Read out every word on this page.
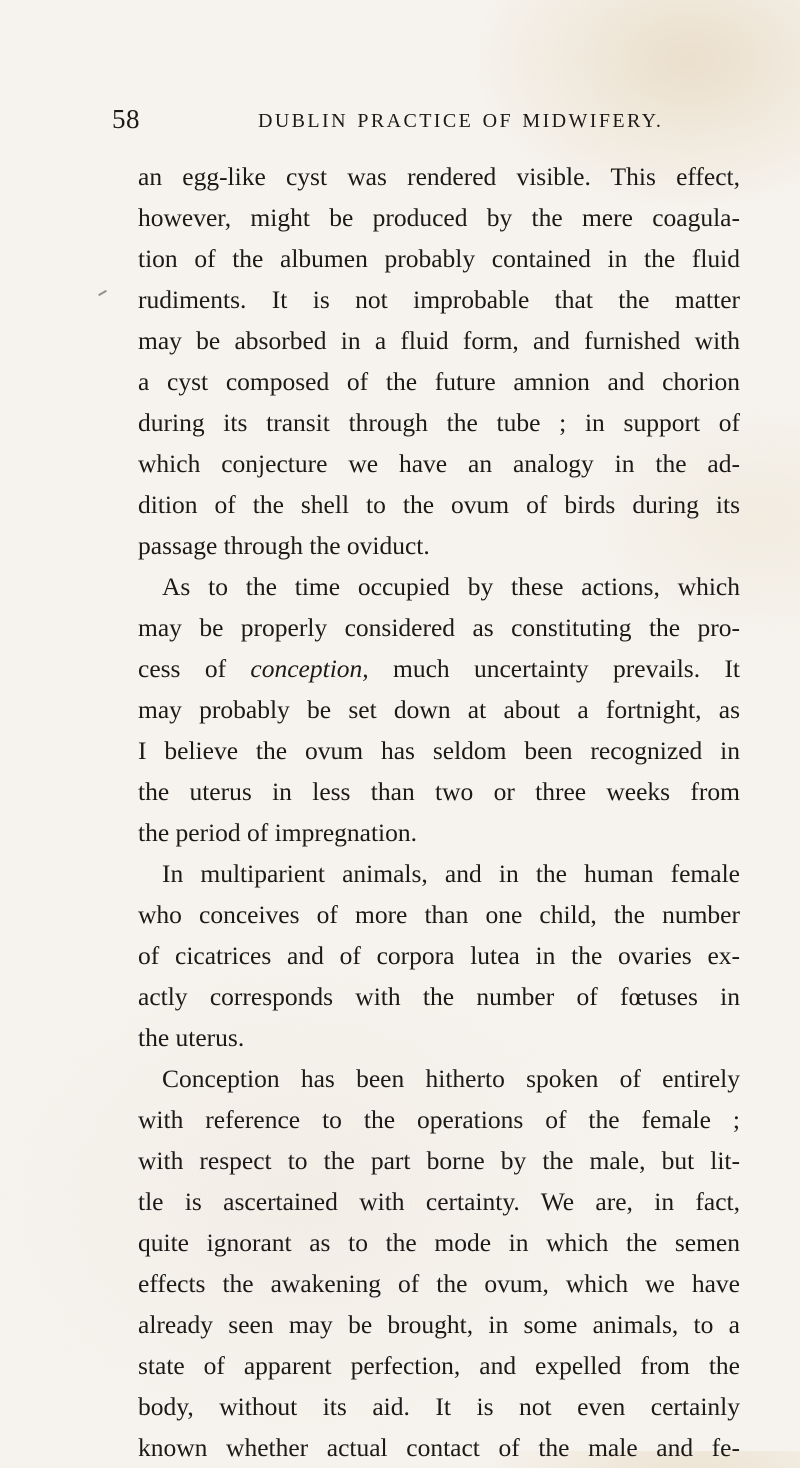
58	DUBLIN PRACTICE OF MIDWIFERY.
an egg-like cyst was rendered visible. This effect,
however, might be produced by the mere coagula-
tion of the albumen probably contained in the fluid
rudiments. It is not improbable that the matter
may be absorbed in a fluid form, and furnished with
a cyst composed of the future amnion and chorion
during its transit through the tube ; in support of
which conjecture we have an analogy in the ad-
dition of the shell to the ovum of birds during its
passage through the oviduct.
As to the time occupied by these actions, which
may be properly considered as constituting the pro-
cess of conception, much uncertainty prevails. It
may probably be set down at about a fortnight, as
I believe the ovum has seldom been recognized in
the uterus in less than two or three weeks from
the period of impregnation.
In multiparient animals, and in the human female
who conceives of more than one child, the number
of cicatrices and of corpora lutea in the ovaries ex-
actly corresponds with the number of fœtuses in
the uterus.
Conception has been hitherto spoken of entirely
with reference to the operations of the female ;
with respect to the part borne by the male, but lit-
tle is ascertained with certainty. We are, in fact,
quite ignorant as to the mode in which the semen
effects the awakening of the ovum, which we have
already seen may be brought, in some animals, to a
state of apparent perfection, and expelled from the
body, without its aid. It is not even certainly
known whether actual contact of the male and fe-
